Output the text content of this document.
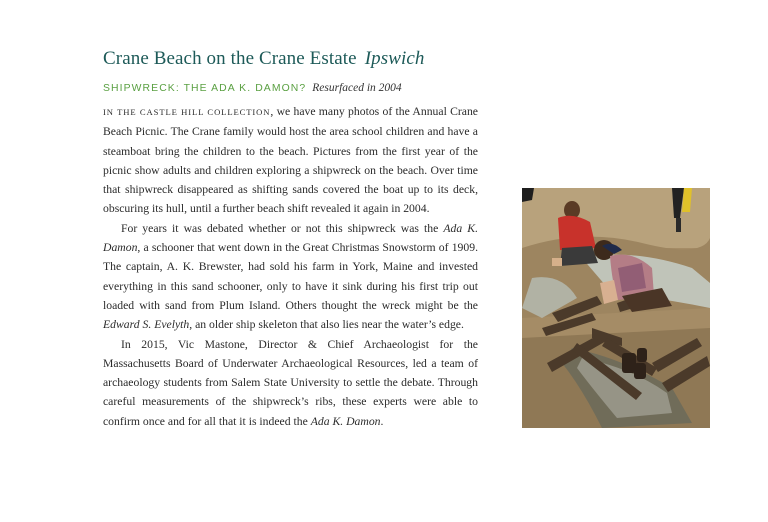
Crane Beach on the Crane Estate Ipswich
SHIPWRECK: THE ADA K. DAMON? Resurfaced in 2004

IN THE CASTLE HILL COLLECTION, we have many photos of the Annual Crane Beach Picnic. The Crane family would host the area school children and have a steamboat bring the children to the beach. Pictures from the first year of the picnic show adults and children exploring a shipwreck on the beach. Over time that shipwreck disappeared as shifting sands covered the boat up to its deck, obscuring its hull, until a further beach shift revealed it again in 2004.

For years it was debated whether or not this shipwreck was the Ada K. Damon, a schooner that went down in the Great Christmas Snowstorm of 1909. The captain, A. K. Brewster, had sold his farm in York, Maine and invested everything in this sand schooner, only to have it sink during his first trip out loaded with sand from Plum Island. Others thought the wreck might be the Edward S. Evelyth, an older ship skeleton that also lies near the water’s edge.

In 2015, Vic Mastone, Director & Chief Archaeologist for the Massachusetts Board of Underwater Archaeological Resources, led a team of archaeology students from Salem State University to settle the debate. Through careful measurements of the shipwreck’s ribs, these experts were able to confirm once and for all that it is indeed the Ada K. Damon.
